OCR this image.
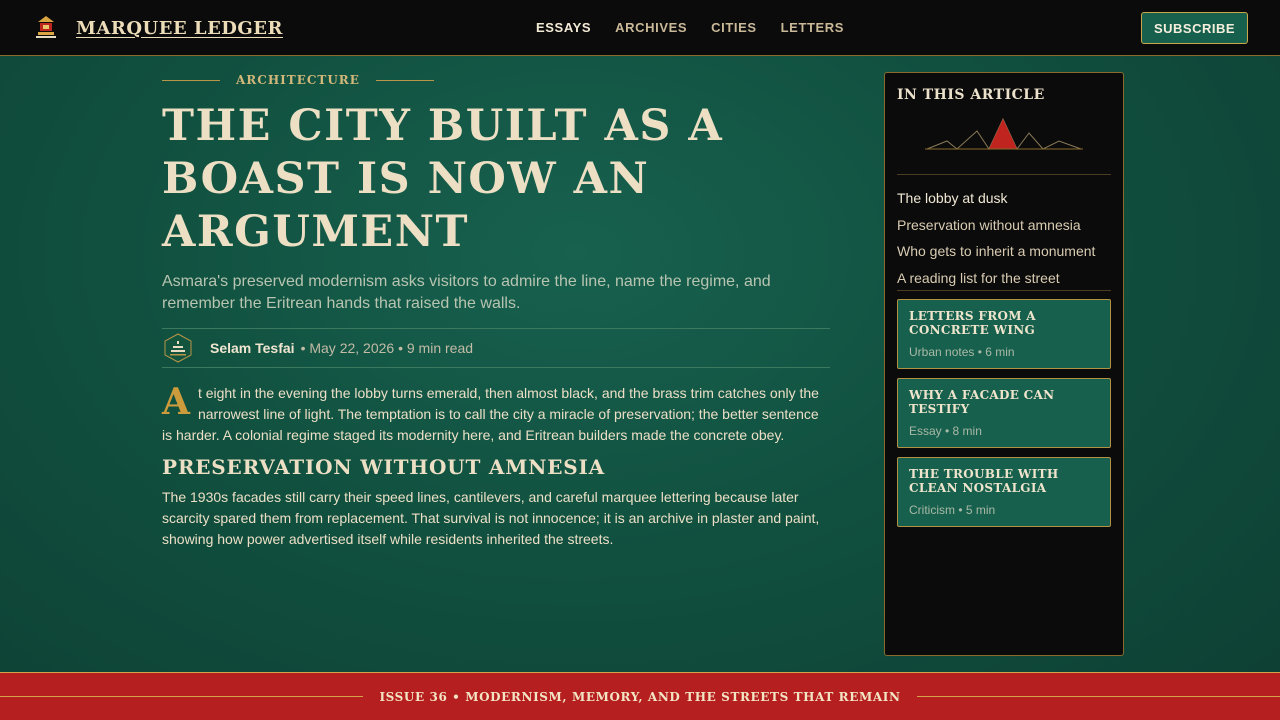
MARQUEE LEDGER	ESSAYS ARCHIVES CITIES LETTERS	SUBSCRIBE
ARCHITECTURE
THE CITY BUILT AS A BOAST IS NOW AN ARGUMENT

Asmara's preserved modernism asks visitors to admire the line, name the regime, and remember the Eritrean hands that raised the walls.

Selam Tesfai • May 22, 2026 • 9 min read

At eight in the evening the lobby turns emerald, then almost black, and the brass trim catches only the narrowest line of light. The temptation is to call the city a miracle of preservation; the better sentence is harder. A colonial regime staged its modernity here, and Eritrean builders made the concrete obey.

PRESERVATION WITHOUT AMNESIA

The 1930s facades still carry their speed lines, cantilevers, and careful marquee lettering because later scarcity spared them from replacement. That survival is not innocence; it is an archive in plaster and paint, showing how power advertised itself while residents inherited the streets.

IN THIS ARTICLE
The lobby at dusk
Preservation without amnesia
Who gets to inherit a monument
A reading list for the street
LETTERS FROM A CONCRETE WING
Urban notes • 6 min
WHY A FACADE CAN TESTIFY
Essay • 8 min
THE TROUBLE WITH CLEAN NOSTALGIA
Criticism • 5 min
ISSUE 36 • MODERNISM, MEMORY, AND THE STREETS THAT REMAIN
